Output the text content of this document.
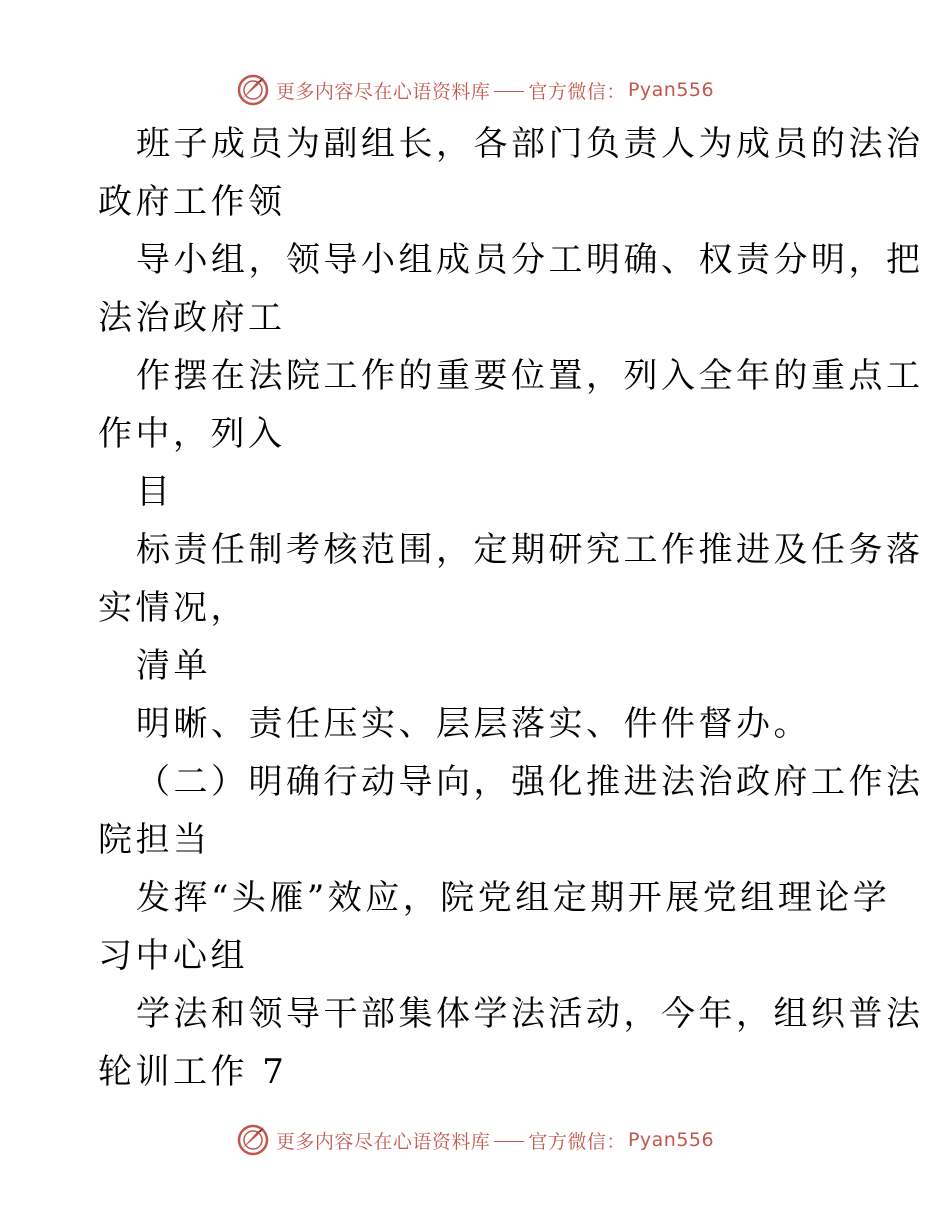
更多内容尽在心语资料库 官方微信： Pyan556
班子成员为副组长，各部门负责人为成员的法治
政府工作领
导小组，领导小组成员分工明确、权责分明，把
法治政府工
作摆在法院工作的重要位置，列入全年的重点工
作中，列入
目
标责任制考核范围，定期研究工作推进及任务落
实情况，
清单
明晰、责任压实、层层落实、件件督办。
（二）明确行动导向，强化推进法治政府工作法
院担当
发挥“头雁”效应，院党组定期开展党组理论学
习中心组
学法和领导干部集体学法活动，今年，组织普法
轮训工作 7
更多内容尽在心语资料库 官方微信： Pyan556
